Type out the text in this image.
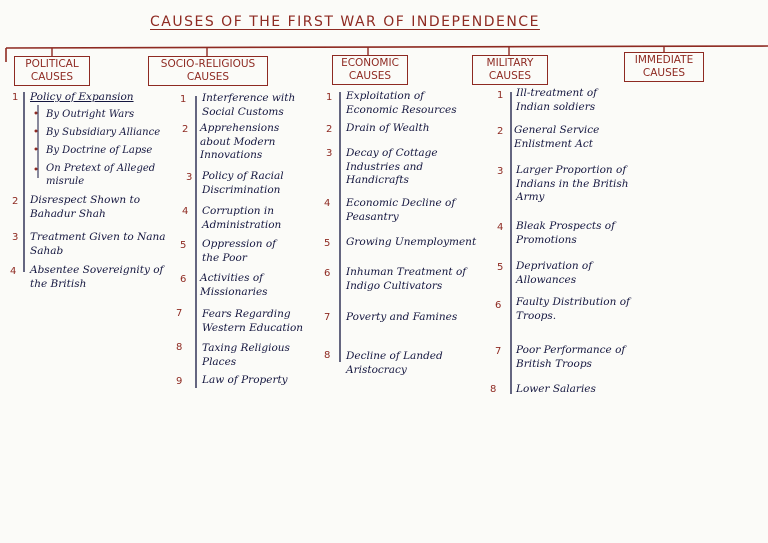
CAUSES OF THE FIRST WAR OF INDEPENDENCE
POLITICAL
CAUSES
SOCIO-RELIGIOUS
CAUSES
ECONOMIC
CAUSES
MILITARY
CAUSES
IMMEDIATE
CAUSES
1 Policy of Expansion
• By Outright Wars
• By Subsidiary Alliance
• By Doctrine of Lapse
• On Pretext of Alleged misrule
2 Disrespect Shown to Bahadur Shah
3 Treatment Given to Nana Sahab
4 Absentee Sovereignity of the British
1 Interference with Social Customs
2 Apprehensions about Modern Innovations
3 Policy of Racial Discrimination
4 Corruption in Administration
5 Oppression of the Poor
6 Activities of Missionaries
7 Fears Regarding Western Education
8 Taxing Religious Places
9 Law of Property
1 Exploitation of Economic Resources
2 Drain of Wealth
3 Decay of Cottage Industries and Handicrafts
4 Economic Decline of Peasantry
5 Growing Unemployment
6 Inhuman Treatment of Indigo Cultivators
7 Poverty and Famines
8 Decline of Landed Aristocracy
1 Ill-treatment of Indian soldiers
2 General Service Enlistment Act
3 Larger Proportion of Indians in the British Army
4 Bleak Prospects of Promotions
5 Deprivation of Allowances
6 Faulty Distribution of Troops.
7 Poor Performance of British Troops
8 Lower Salaries
